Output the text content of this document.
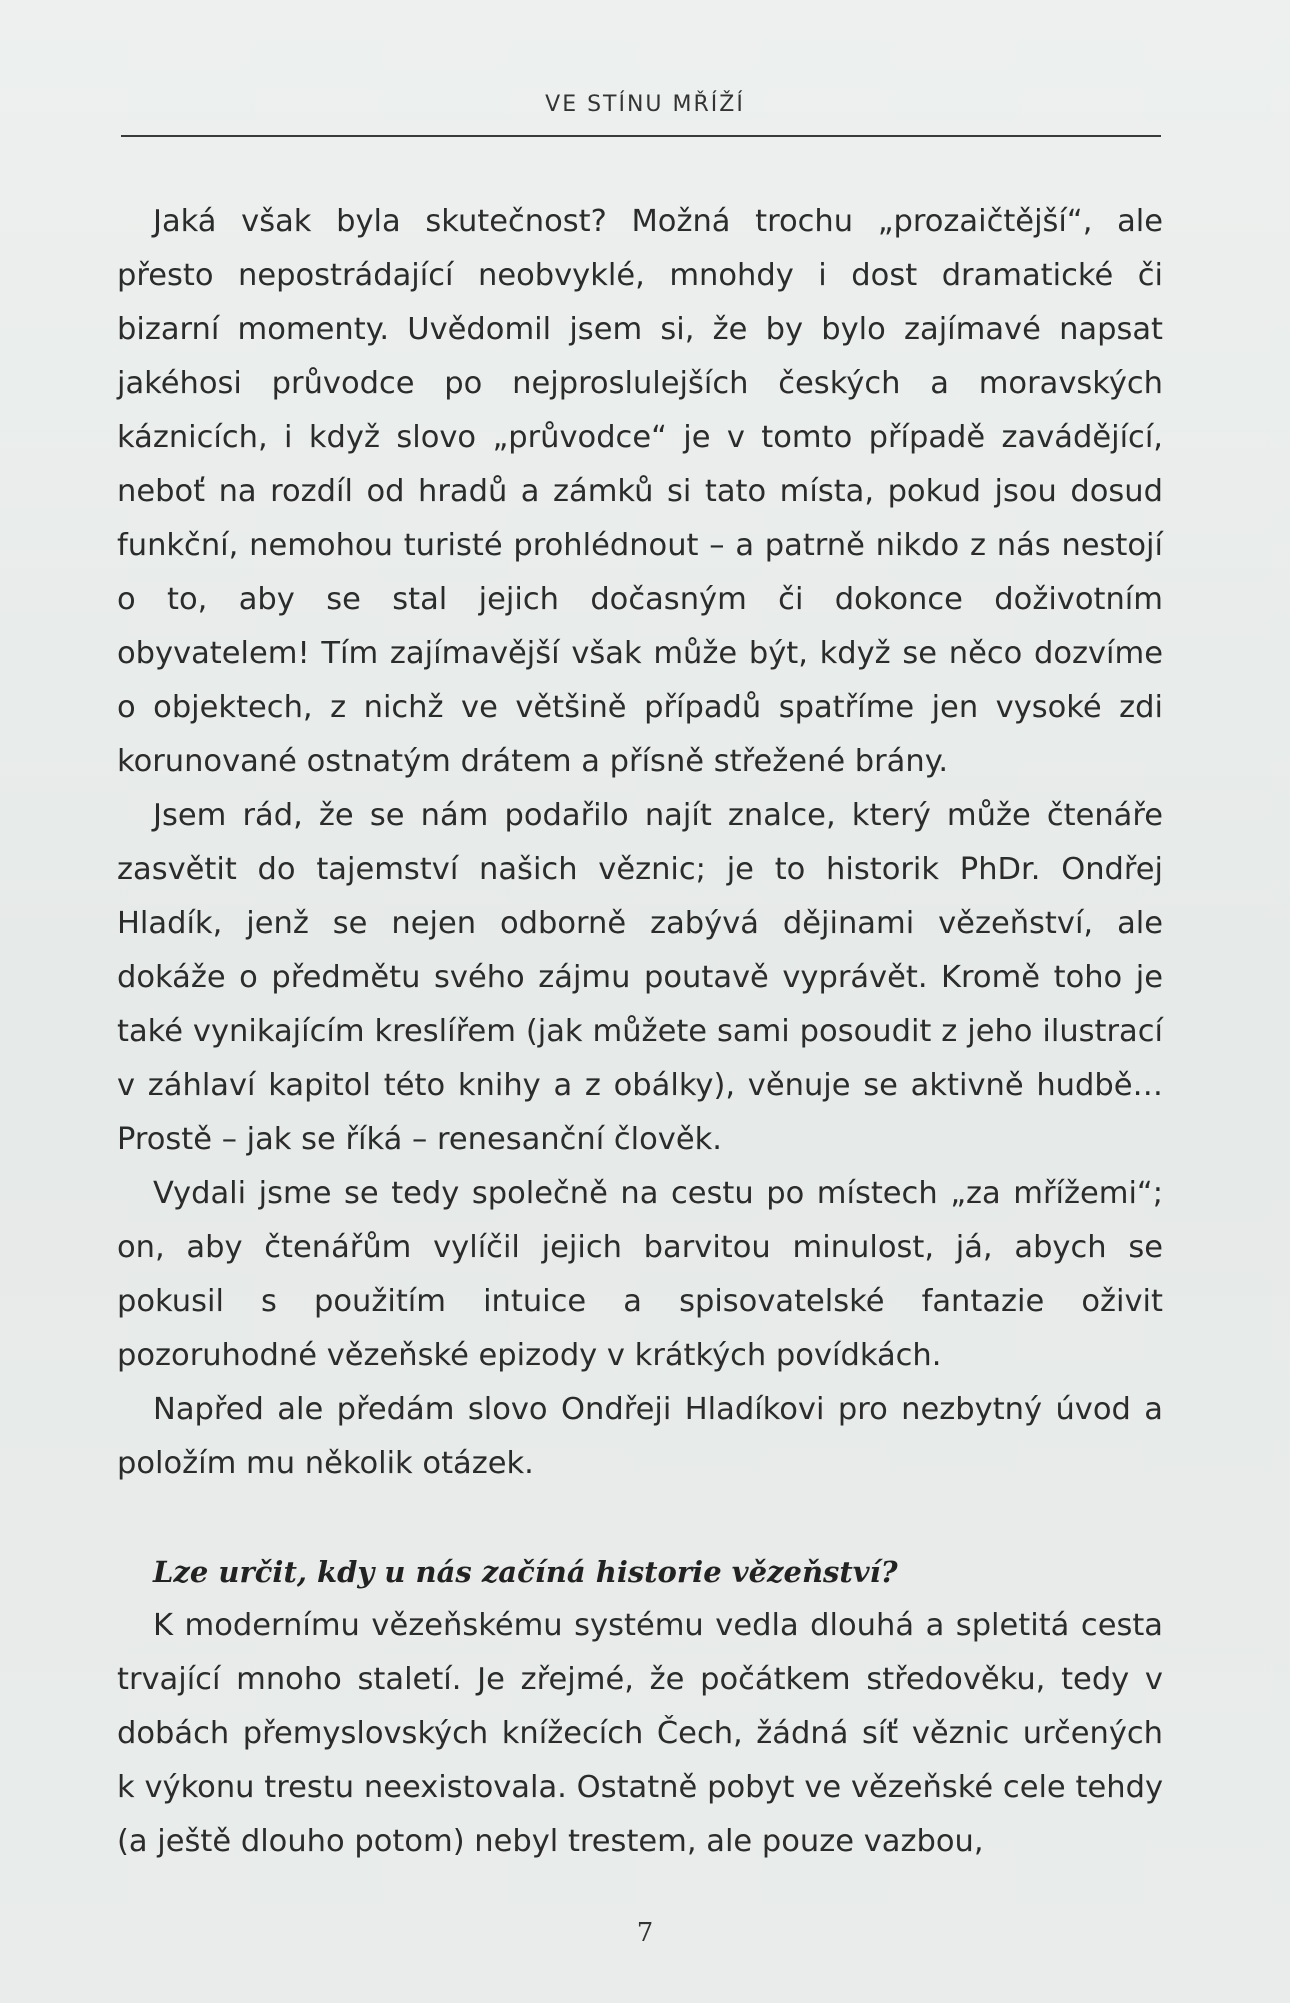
VE STÍNU MŘÍŽÍ

Jaká však byla skutečnost? Možná trochu „prozaičtější“, ale přesto nepostrádající neobvyklé, mnohdy i dost dramatické či bizarní momenty. Uvědomil jsem si, že by bylo zajímavé napsat jakéhosi průvodce po nejproslulejších českých a moravských káznicích, i když slovo „průvodce“ je v tomto případě zavádějící, neboť na rozdíl od hradů a zámků si tato místa, pokud jsou dosud funkční, nemohou turisté prohlédnout – a patrně nikdo z nás nestojí o to, aby se stal jejich dočasným či dokonce doživotním obyvatelem! Tím zajímavější však může být, když se něco dozvíme o objektech, z nichž ve většině případů spatříme jen vysoké zdi korunované ostnatým drátem a přísně střežené brány.

Jsem rád, že se nám podařilo najít znalce, který může čtenáře zasvětit do tajemství našich věznic; je to historik PhDr. Ondřej Hladík, jenž se nejen odborně zabývá dějinami vězeňství, ale dokáže o předmětu svého zájmu poutavě vyprávět. Kromě toho je také vynikajícím kreslířem (jak můžete sami posoudit z jeho ilustrací v záhlaví kapitol této knihy a z obálky), věnuje se aktivně hudbě… Prostě – jak se říká – renesanční člověk.

Vydali jsme se tedy společně na cestu po místech „za mřížemi“; on, aby čtenářům vylíčil jejich barvitou minulost, já, abych se pokusil s použitím intuice a spisovatelské fantazie oživit pozoruhodné vězeňské epizody v krátkých povídkách.

Napřed ale předám slovo Ondřeji Hladíkovi pro nezbytný úvod a položím mu několik otázek.

Lze určit, kdy u nás začíná historie vězeňství?

K modernímu vězeňskému systému vedla dlouhá a spletitá cesta trvající mnoho staletí. Je zřejmé, že počátkem středověku, tedy v dobách přemyslovských knížecích Čech, žádná síť věznic určených k výkonu trestu neexistovala. Ostatně pobyt ve vězeňské cele tehdy (a ještě dlouho potom) nebyl trestem, ale pouze vazbou,

7
